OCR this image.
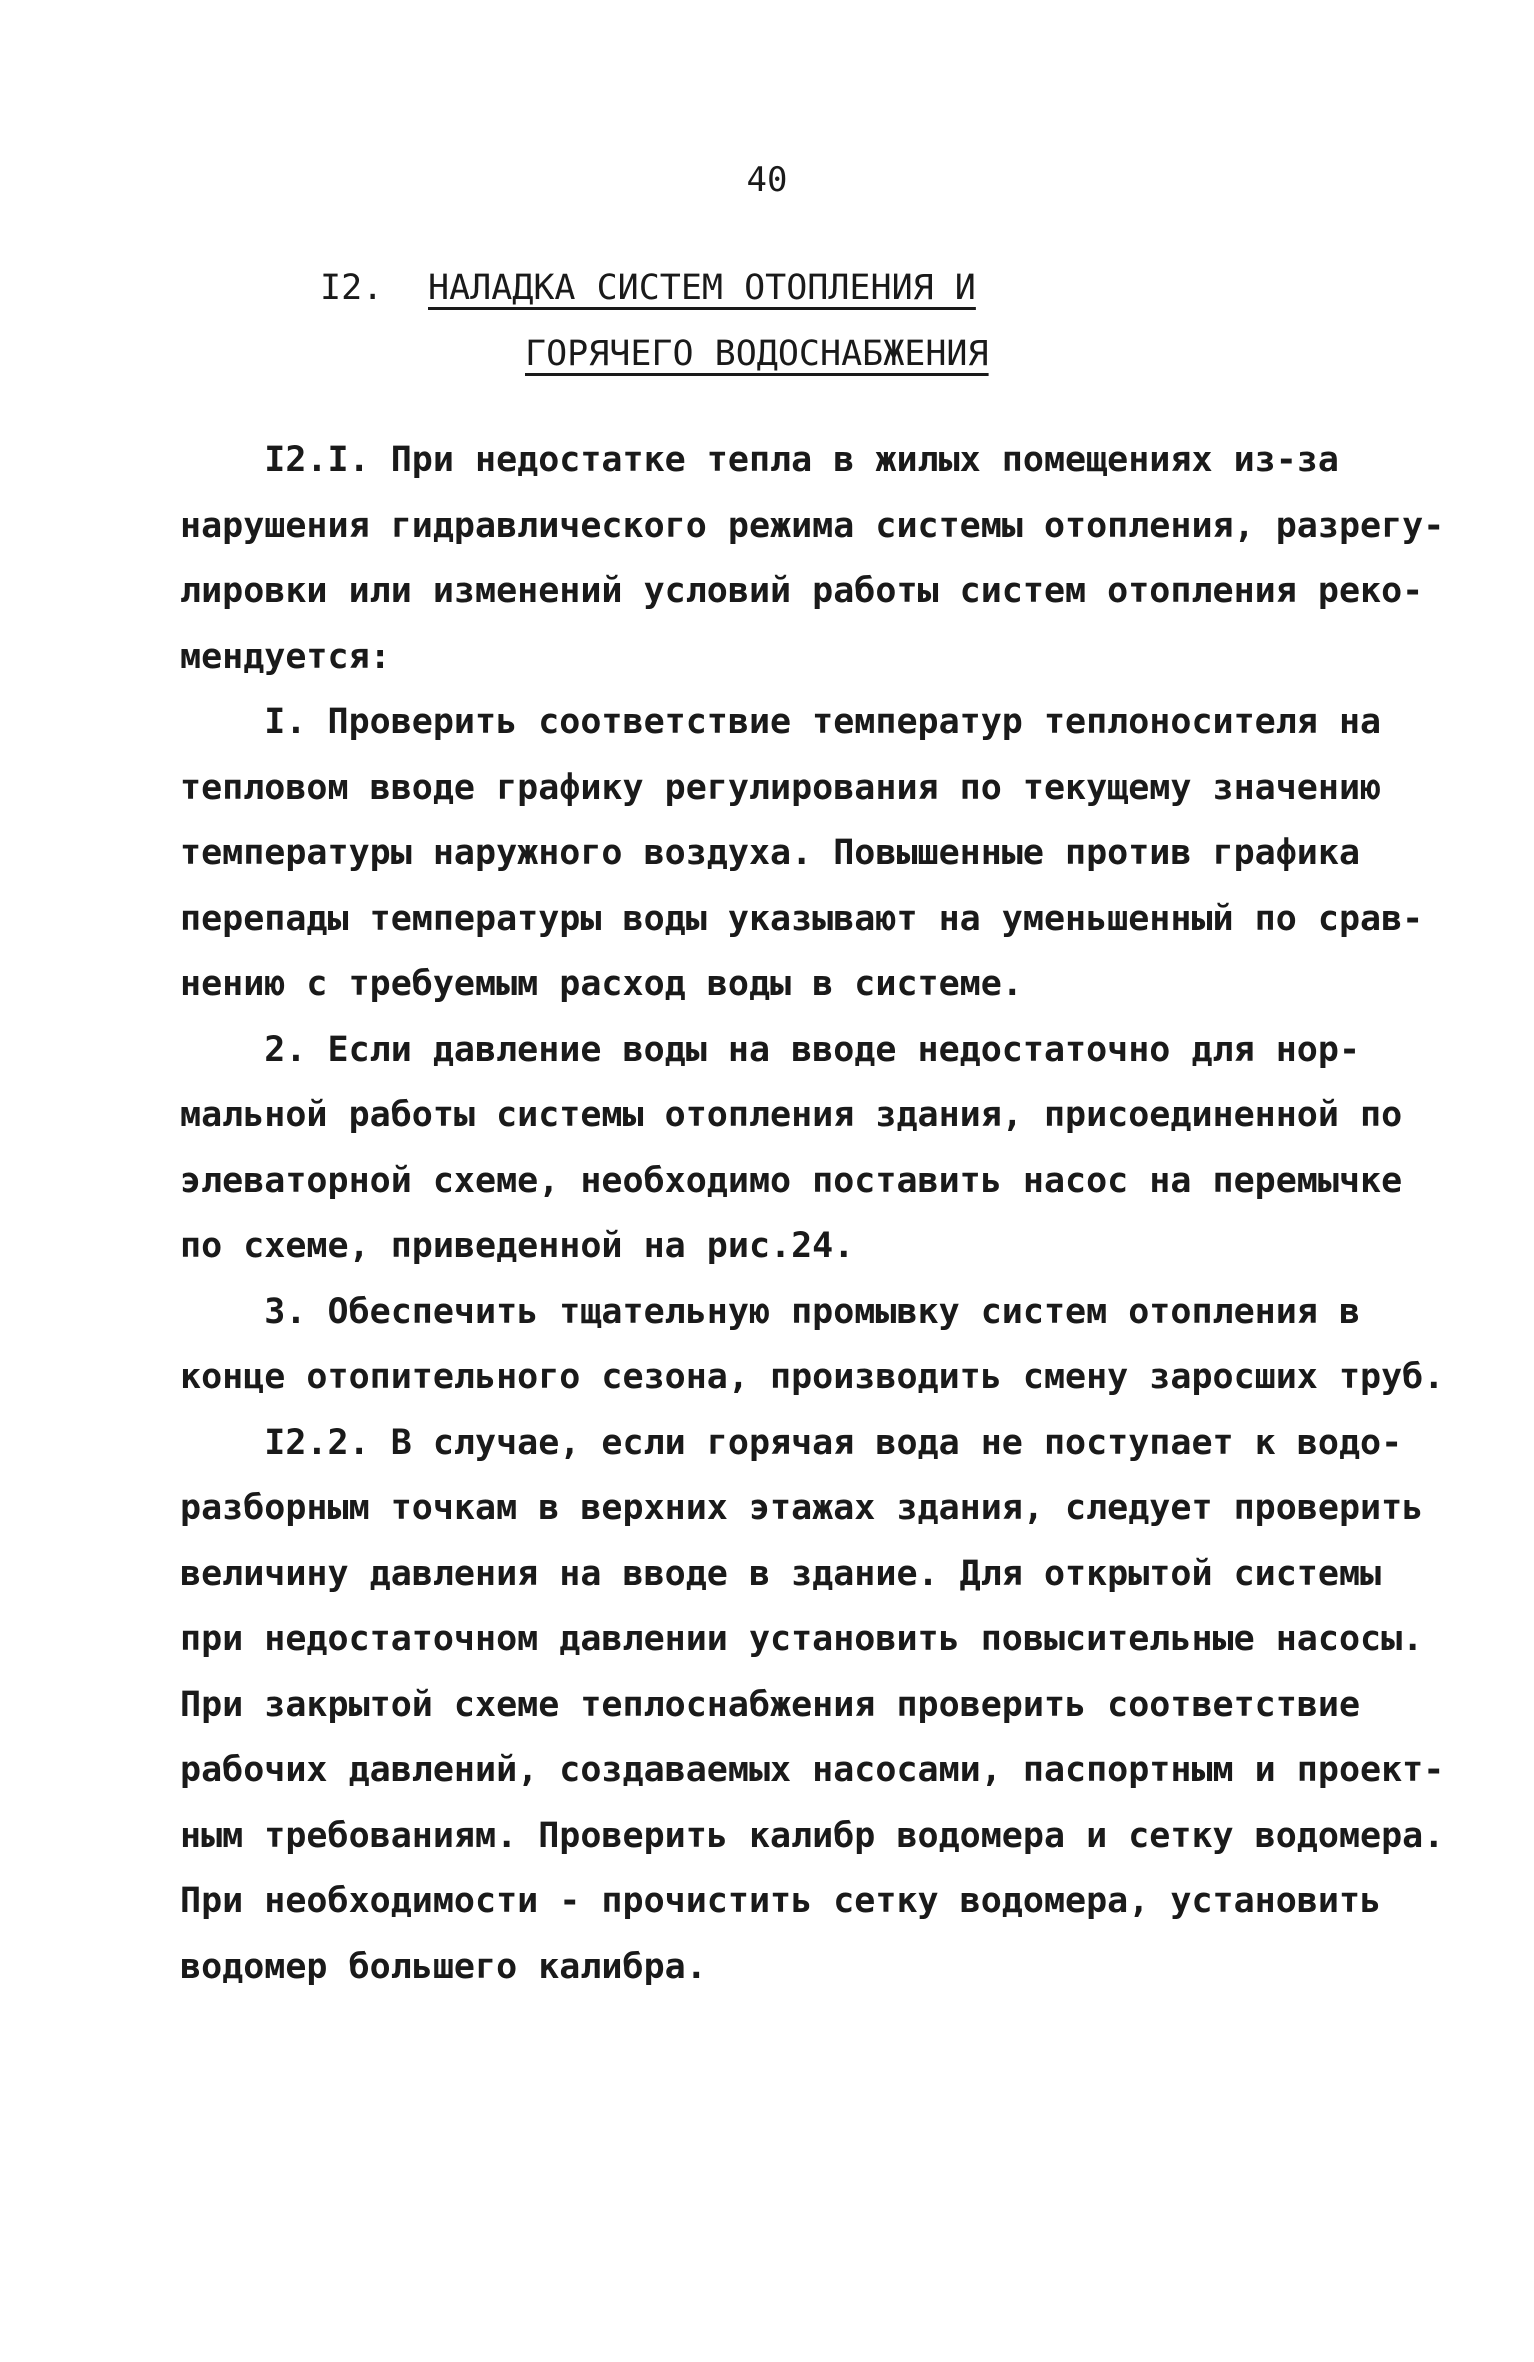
40
I2. НАЛАДКА СИСТЕМ ОТОПЛЕНИЯ И
ГОРЯЧЕГО ВОДОСНАБЖЕНИЯ
I2.I. При недостатке тепла в жилых помещениях из-за
нарушения гидравлического режима системы отопления, разрегу-
лировки или изменений условий работы систем отопления реко-
мендуется:
I. Проверить соответствие температур теплоносителя на
тепловом вводе графику регулирования по текущему значению
температуры наружного воздуха. Повышенные против графика
перепады температуры воды указывают на уменьшенный по срав-
нению с требуемым расход воды в системе.
2. Если давление воды на вводе недостаточно для нор-
мальной работы системы отопления здания, присоединенной по
элеваторной схеме, необходимо поставить насос на перемычке
по схеме, приведенной на рис.24.
3. Обеспечить тщательную промывку систем отопления в
конце отопительного сезона, производить смену заросших труб.
I2.2. В случае, если горячая вода не поступает к водо-
разборным точкам в верхних этажах здания, следует проверить
величину давления на вводе в здание. Для открытой системы
при недостаточном давлении установить повысительные насосы.
При закрытой схеме теплоснабжения проверить соответствие
рабочих давлений, создаваемых насосами, паспортным и проект-
ным требованиям. Проверить калибр водомера и сетку водомера.
При необходимости - прочистить сетку водомера, установить
водомер большего калибра.
